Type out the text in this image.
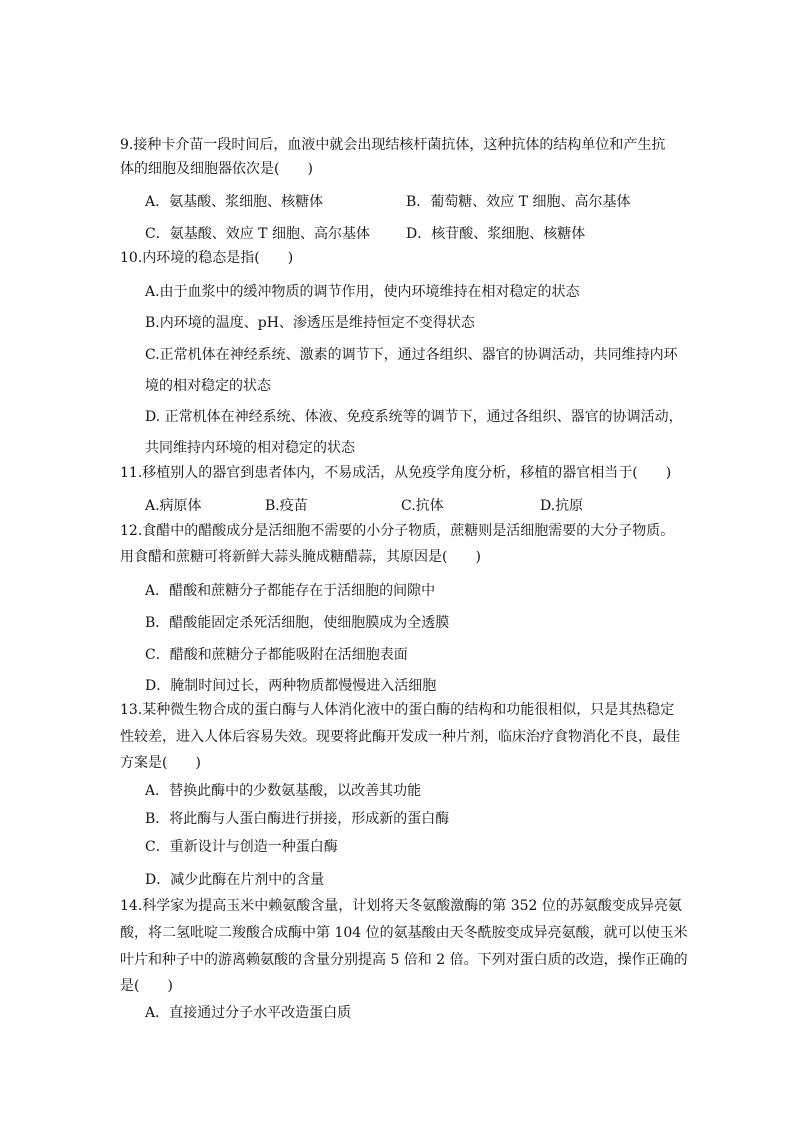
9.接种卡介苗一段时间后，血液中就会出现结核杆菌抗体，这种抗体的结构单位和产生抗
体的细胞及细胞器依次是(　　)
A．氨基酸、浆细胞、核糖体	B．葡萄糖、效应 T 细胞、高尔基体
C．氨基酸、效应 T 细胞、高尔基体	D．核苷酸、浆细胞、核糖体
10.内环境的稳态是指(　　)
A.由于血浆中的缓冲物质的调节作用，使内环境维持在相对稳定的状态
B.内环境的温度、pH、渗透压是维持恒定不变得状态
C.正常机体在神经系统、激素的调节下，通过各组织、器官的协调活动，共同维持内环
境的相对稳定的状态
D. 正常机体在神经系统、体液、免疫系统等的调节下，通过各组织、器官的协调活动，
共同维持内环境的相对稳定的状态
11.移植别人的器官到患者体内，不易成活，从免疫学角度分析，移植的器官相当于(　　)
A.病原体	B.疫苗	C.抗体	D.抗原
12.食醋中的醋酸成分是活细胞不需要的小分子物质，蔗糖则是活细胞需要的大分子物质。
用食醋和蔗糖可将新鲜大蒜头腌成糖醋蒜，其原因是(　　)
A．醋酸和蔗糖分子都能存在于活细胞的间隙中
B．醋酸能固定杀死活细胞，使细胞膜成为全透膜
C．醋酸和蔗糖分子都能吸附在活细胞表面
D．腌制时间过长，两种物质都慢慢进入活细胞
13.某种微生物合成的蛋白酶与人体消化液中的蛋白酶的结构和功能很相似，只是其热稳定
性较差，进入人体后容易失效。现要将此酶开发成一种片剂，临床治疗食物消化不良，最佳
方案是(　　)
A．替换此酶中的少数氨基酸，以改善其功能
B．将此酶与人蛋白酶进行拼接，形成新的蛋白酶
C．重新设计与创造一种蛋白酶
D．减少此酶在片剂中的含量
14.科学家为提高玉米中赖氨酸含量，计划将天冬氨酸激酶的第 352 位的苏氨酸变成异亮氨
酸，将二氢吡啶二羧酸合成酶中第 104 位的氨基酸由天冬酰胺变成异亮氨酸，就可以使玉米
叶片和种子中的游离赖氨酸的含量分别提高 5 倍和 2 倍。下列对蛋白质的改造，操作正确的
是(　　)
A．直接通过分子水平改造蛋白质
